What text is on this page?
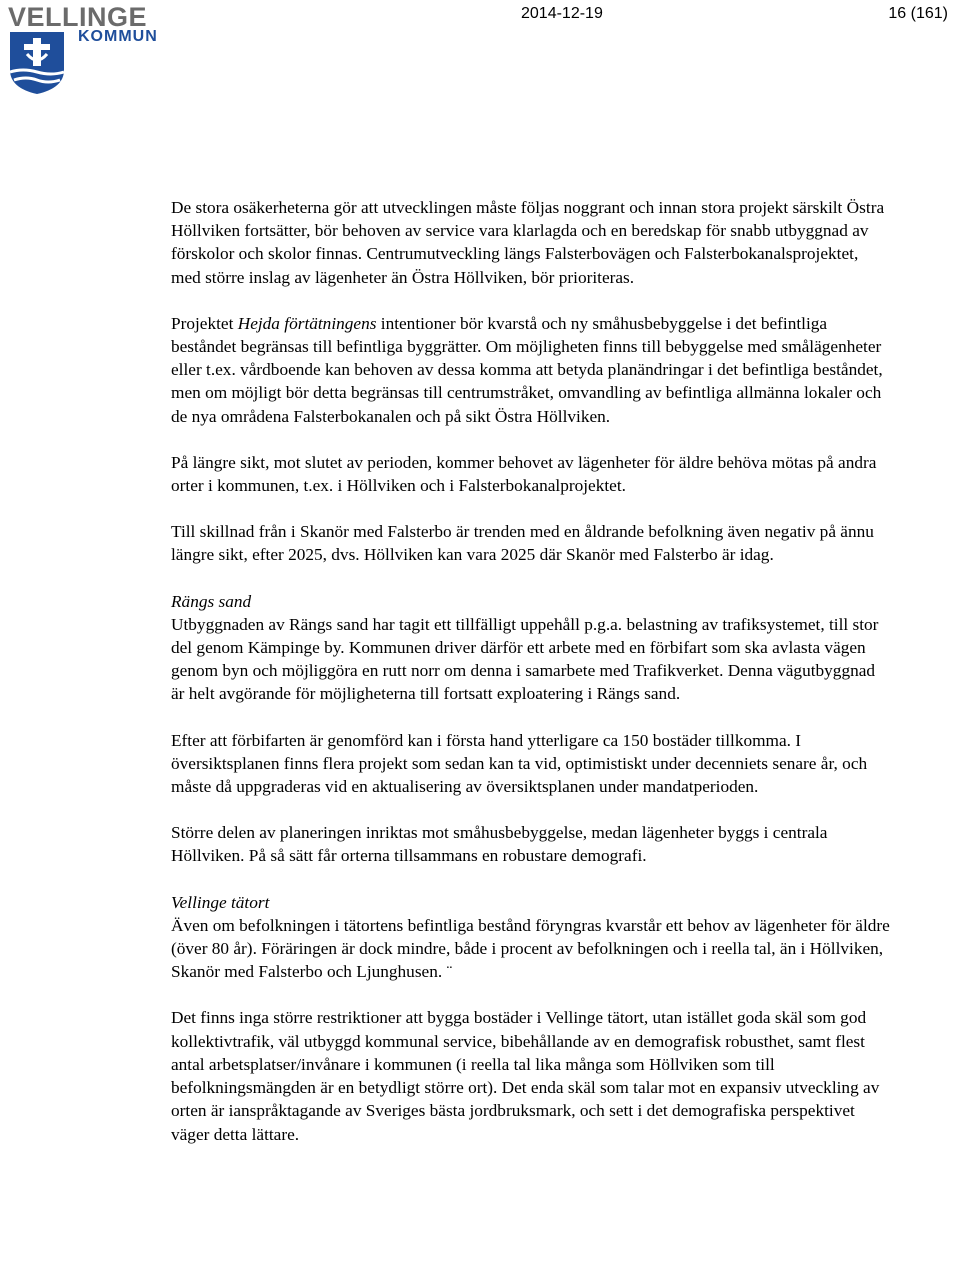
VELLINGE
KOMMUN
2014-12-19	16 (161)

De stora osäkerheterna gör att utvecklingen måste följas noggrant och innan stora projekt särskilt Östra Höllviken fortsätter, bör behoven av service vara klarlagda och en beredskap för snabb utbyggnad av förskolor och skolor finnas. Centrumutveckling längs Falsterbovägen och Falsterbokanalsprojektet, med större inslag av lägenheter än Östra Höllviken, bör prioriteras.

Projektet Hejda förtätningens intentioner bör kvarstå och ny småhusbebyggelse i det befintliga beståndet begränsas till befintliga byggrätter. Om möjligheten finns till bebyggelse med smålägenheter eller t.ex. vårdboende kan behoven av dessa komma att betyda planändringar i det befintliga beståndet, men om möjligt bör detta begränsas till centrumstråket, omvandling av befintliga allmänna lokaler och de nya områdena Falsterbokanalen och på sikt Östra Höllviken.

På längre sikt, mot slutet av perioden, kommer behovet av lägenheter för äldre behöva mötas på andra orter i kommunen, t.ex. i Höllviken och i Falsterbokanalprojektet.

Till skillnad från i Skanör med Falsterbo är trenden med en åldrande befolkning även negativ på ännu längre sikt, efter 2025, dvs. Höllviken kan vara 2025 där Skanör med Falsterbo är idag.

Rängs sand

Utbyggnaden av Rängs sand har tagit ett tillfälligt uppehåll p.g.a. belastning av trafiksystemet, till stor del genom Kämpinge by. Kommunen driver därför ett arbete med en förbifart som ska avlasta vägen genom byn och möjliggöra en rutt norr om denna i samarbete med Trafikverket. Denna vägutbyggnad är helt avgörande för möjligheterna till fortsatt exploatering i Rängs sand.

Efter att förbifarten är genomförd kan i första hand ytterligare ca 150 bostäder tillkomma. I översiktsplanen finns flera projekt som sedan kan ta vid, optimistiskt under decenniets senare år, och måste då uppgraderas vid en aktualisering av översiktsplanen under mandatperioden.

Större delen av planeringen inriktas mot småhusbebyggelse, medan lägenheter byggs i centrala Höllviken. På så sätt får orterna tillsammans en robustare demografi.

Vellinge tätort

Även om befolkningen i tätortens befintliga bestånd föryngras kvarstår ett behov av lägenheter för äldre (över 80 år). Föräringen är dock mindre, både i procent av befolkningen och i reella tal, än i Höllviken, Skanör med Falsterbo och Ljunghusen. ¨

Det finns inga större restriktioner att bygga bostäder i Vellinge tätort, utan istället goda skäl som god kollektivtrafik, väl utbyggd kommunal service, bibehållande av en demografisk robusthet, samt flest antal arbetsplatser/invånare i kommunen (i reella tal lika många som Höllviken som till befolkningsmängden är en betydligt större ort). Det enda skäl som talar mot en expansiv utveckling av orten är ianspråktagande av Sveriges bästa jordbruksmark, och sett i det demografiska perspektivet väger detta lättare.
